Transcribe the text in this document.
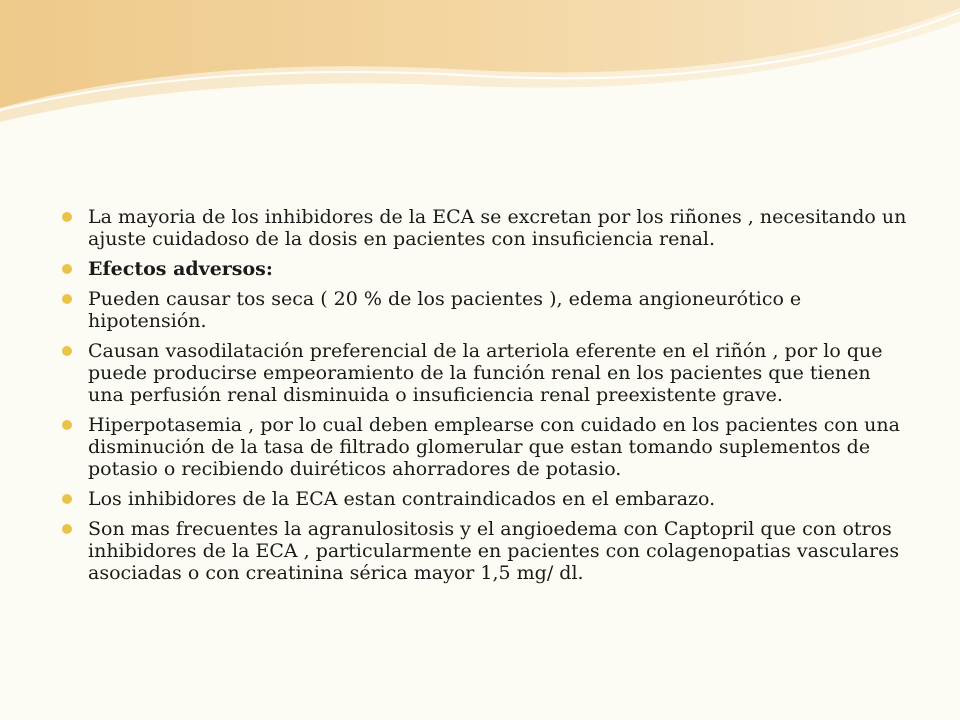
La mayoria de los inhibidores de la ECA se excretan por los riñones , necesitando un ajuste cuidadoso de la dosis en pacientes con insuficiencia renal.
Efectos adversos:
Pueden causar tos seca ( 20 % de los pacientes ), edema angioneurótico e hipotensión.
Causan vasodilatación preferencial de la arteriola eferente en el riñón , por lo que puede producirse empeoramiento de la función renal en los pacientes que tienen una perfusión renal disminuida o insuficiencia renal preexistente grave.
Hiperpotasemia , por lo cual deben emplearse con cuidado en los pacientes con una disminución de la tasa de filtrado glomerular que estan tomando suplementos de potasio o recibiendo duiréticos ahorradores de potasio.
Los inhibidores de la ECA estan contraindicados en el embarazo.
Son mas frecuentes la agranulositosis y el angioedema con Captopril que con otros inhibidores de la ECA , particularmente en pacientes con colagenopatias vasculares asociadas o con creatinina sérica mayor 1,5 mg/ dl.
